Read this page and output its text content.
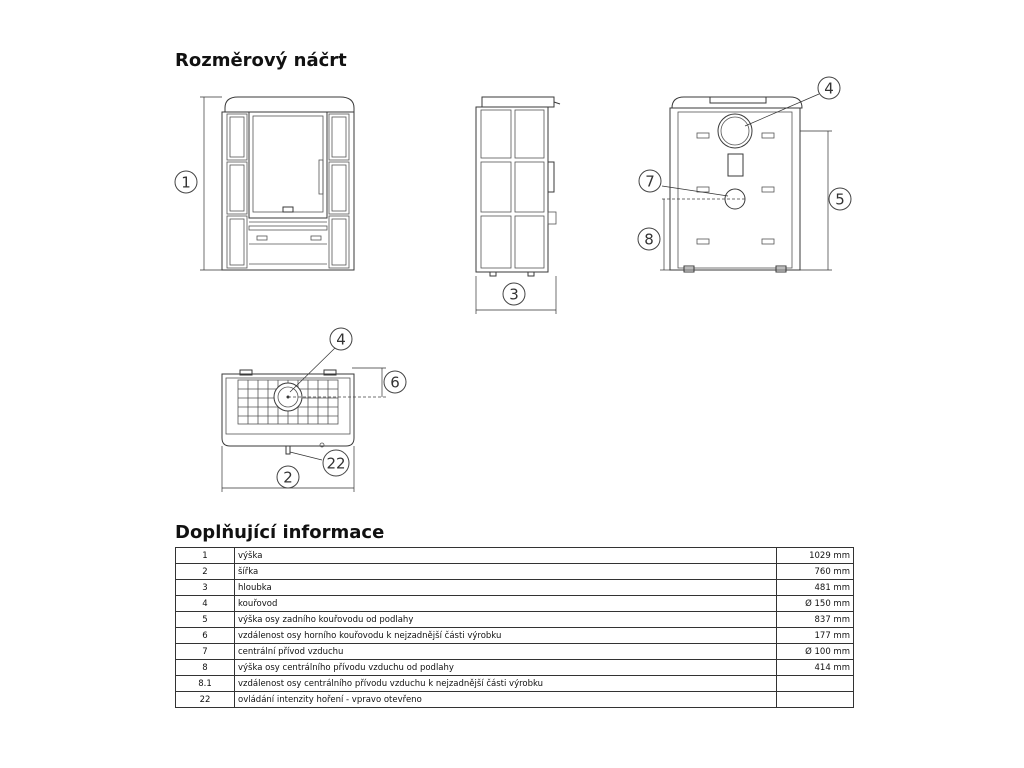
Rozměrový náčrt
1
3
5
8
4
7
6
4
22
2
Doplňující informace
1	výška	1029 mm
2	šířka	760 mm
3	hloubka	481 mm
4	kouřovod	Ø 150 mm
5	výška osy zadního kouřovodu od podlahy	837 mm
6	vzdálenost osy horního kouřovodu k nejzadnější části výrobku	177 mm
7	centrální přívod vzduchu	Ø 100 mm
8	výška osy centrálního přívodu vzduchu od podlahy	414 mm
8.1	vzdálenost osy centrálního přívodu vzduchu k nejzadnější části výrobku	
22	ovládání intenzity hoření - vpravo otevřeno	
